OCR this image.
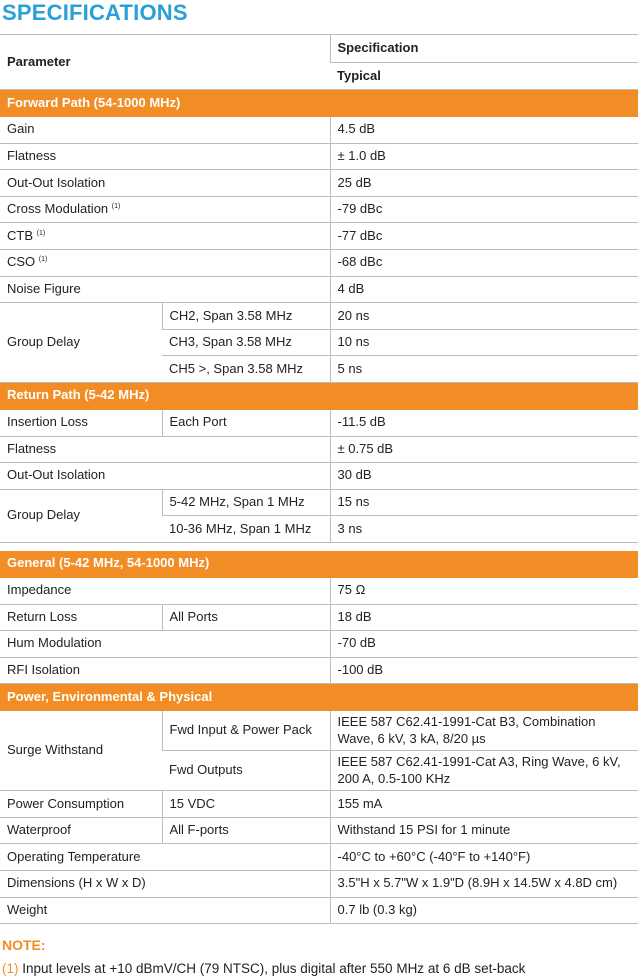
SPECIFICATIONS
Parameter		Specification
		Typical
Forward Path (54-1000 MHz)		
Gain		4.5 dB
Flatness		± 1.0 dB
Out-Out Isolation		25 dB
Cross Modulation $^{(1)}$		-79 dBc
CTB $^{(1)}$		-77 dBc
CSO $^{(1)}$		-68 dBc
Noise Figure		4 dB
Group Delay	CH2, Span 3.58 MHz	20 ns
	CH3, Span 3.58 MHz	10 ns
	CH5 >, Span 3.58 MHz	5 ns
Return Path (5-42 MHz)		
Insertion Loss	Each Port	-11.5 dB
Flatness		± 0.75 dB
Out-Out Isolation		30 dB
Group Delay	5-42 MHz, Span 1 MHz	15 ns
	10-36 MHz, Span 1 MHz	3 ns

General (5-42 MHz, 54-1000 MHz)		
Impedance		75 Ω
Return Loss	All Ports	18 dB
Hum Modulation		-70 dB
RFI Isolation		-100 dB
Power, Environmental & Physical		
Surge Withstand	Fwd Input & Power Pack	IEEE 587 C62.41-1991-Cat B3, Combination Wave, 6 kV, 3 kA, 8/20 µs
	Fwd Outputs	IEEE 587 C62.41-1991-Cat A3, Ring Wave, 6 kV, 200 A, 0.5-100 KHz
Power Consumption	15 VDC	155 mA
Waterproof	All F-ports	Withstand 15 PSI for 1 minute
Operating Temperature		-40°C to +60°C (-40°F to +140°F)
Dimensions (H x W x D)		3.5"H x 5.7"W x 1.9"D (8.9H x 14.5W x 4.8D cm)
Weight		0.7 lb (0.3 kg)
NOTE:
(1) Input levels at +10 dBmV/CH (79 NTSC), plus digital after 550 MHz at 6 dB set-back
